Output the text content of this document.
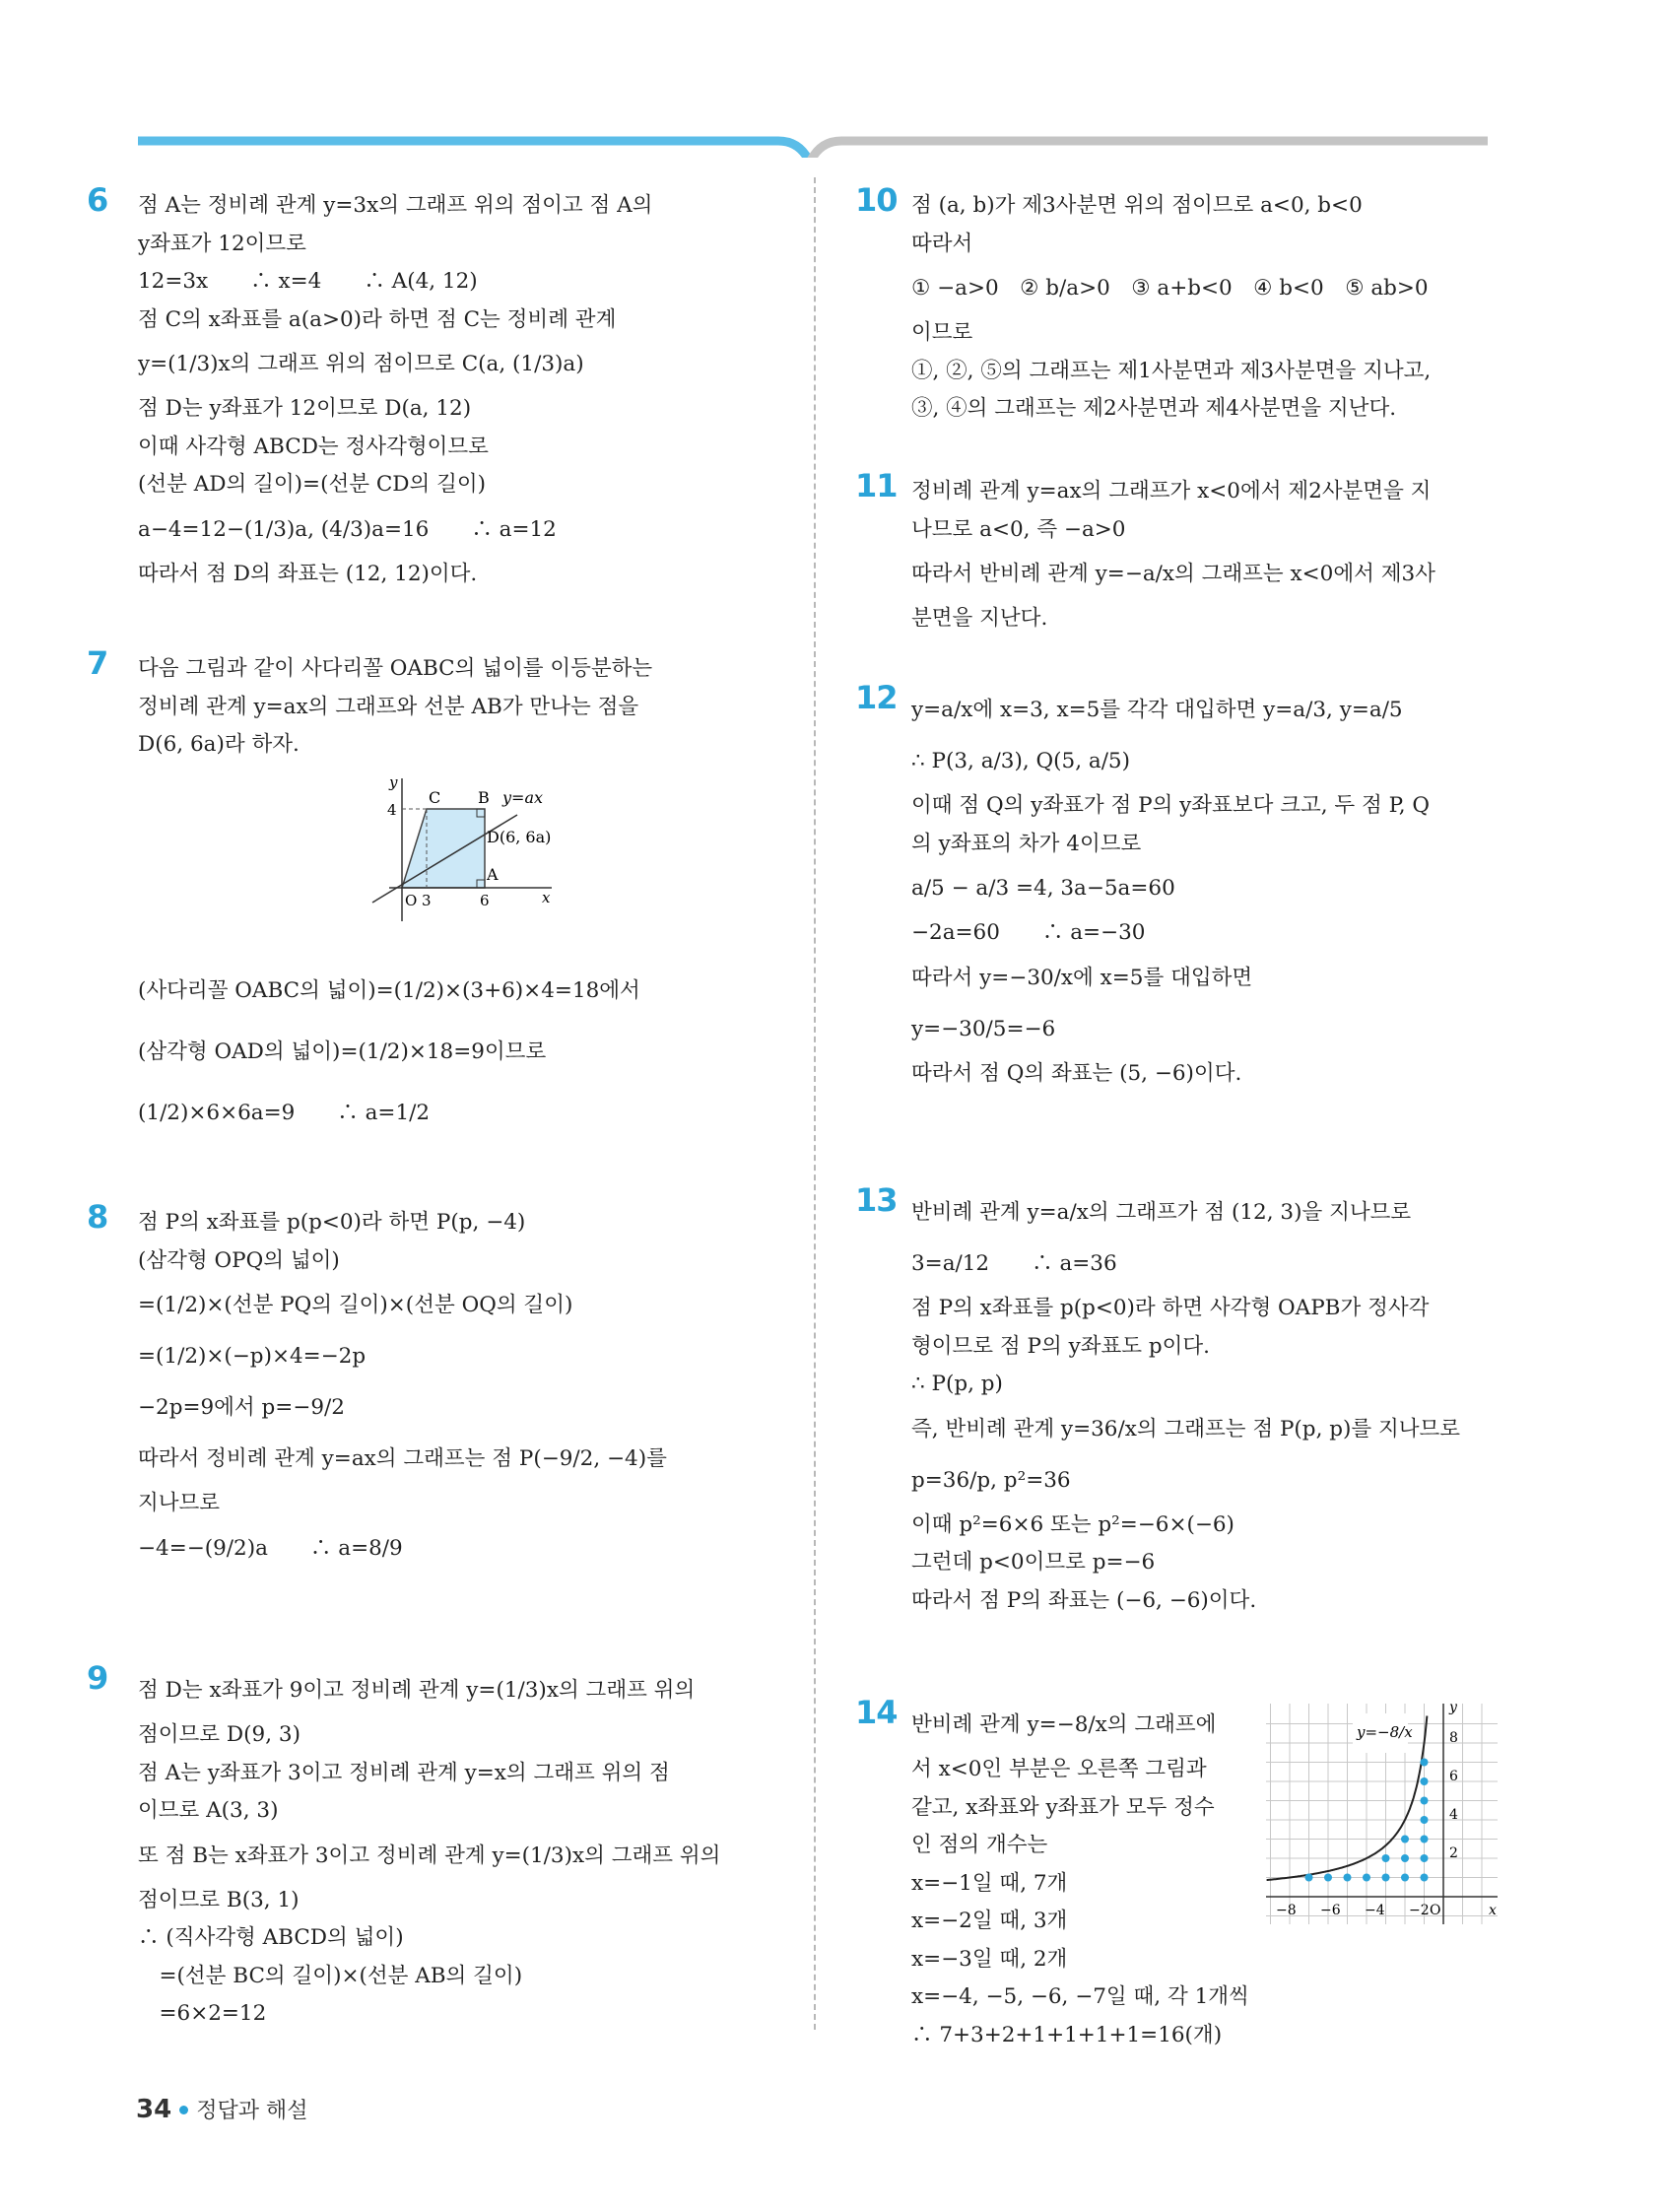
6 점 A는 정비례 관계 y=3x의 그래프 위의 점이고 점 A의
y좌표가 12이므로
12=3x　　∴ x=4　　∴ A(4, 12)
점 C의 x좌표를 a(a>0)라 하면 점 C는 정비례 관계
y=(1/3)x의 그래프 위의 점이므로 C(a, (1/3)a)
점 D는 y좌표가 12이므로 D(a, 12)
이때 사각형 ABCD는 정사각형이므로
(선분 AD의 길이)=(선분 CD의 길이)
a−4=12−(1/3)a, (4/3)a=16　　∴ a=12
따라서 점 D의 좌표는 (12, 12)이다.
7 다음 그림과 같이 사다리꼴 OABC의 넓이를 이등분하는
정비례 관계 y=ax의 그래프와 선분 AB가 만나는 점을
D(6, 6a)라 하자.
y
x
O
4
3	6
C B
A
D(6, 6a)
y=ax
(사다리꼴 OABC의 넓이)=(1/2)×(3+6)×4=18에서
(삼각형 OAD의 넓이)=(1/2)×18=9이므로
(1/2)×6×6a=9　　∴ a=1/2
8 점 P의 x좌표를 p(p<0)라 하면 P(p, −4)
(삼각형 OPQ의 넓이)
=(1/2)×(선분 PQ의 길이)×(선분 OQ의 길이)
=(1/2)×(−p)×4=−2p
−2p=9에서 p=−9/2
따라서 정비례 관계 y=ax의 그래프는 점 P(−9/2, −4)를
지나므로
−4=−(9/2)a　　∴ a=8/9
9 점 D는 x좌표가 9이고 정비례 관계 y=(1/3)x의 그래프 위의
점이므로 D(9, 3)
점 A는 y좌표가 3이고 정비례 관계 y=x의 그래프 위의 점
이므로 A(3, 3)
또 점 B는 x좌표가 3이고 정비례 관계 y=(1/3)x의 그래프 위의
점이므로 B(3, 1)
∴ (직사각형 ABCD의 넓이)
　=(선분 BC의 길이)×(선분 AB의 길이)
　=6×2=12
10 점 (a, b)가 제3사분면 위의 점이므로 a<0, b<0
따라서
① −a>0　② b/a>0　③ a+b<0　④ b<0　⑤ ab>0
이므로
①, ②, ⑤의 그래프는 제1사분면과 제3사분면을 지나고,
③, ④의 그래프는 제2사분면과 제4사분면을 지난다.
11 정비례 관계 y=ax의 그래프가 x<0에서 제2사분면을 지
나므로 a<0, 즉 −a>0
따라서 반비례 관계 y=−a/x의 그래프는 x<0에서 제3사
분면을 지난다.
12 y=a/x에 x=3, x=5를 각각 대입하면 y=a/3, y=a/5
∴ P(3, a/3), Q(5, a/5)
이때 점 Q의 y좌표가 점 P의 y좌표보다 크고, 두 점 P, Q
의 y좌표의 차가 4이므로
a/5 − a/3 =4, 3a−5a=60
−2a=60　　∴ a=−30
따라서 y=−30/x에 x=5를 대입하면
y=−30/5=−6
따라서 점 Q의 좌표는 (5, −6)이다.
13 반비례 관계 y=a/x의 그래프가 점 (12, 3)을 지나므로
3=a/12　　∴ a=36
점 P의 x좌표를 p(p<0)라 하면 사각형 OAPB가 정사각
형이므로 점 P의 y좌표도 p이다.
∴ P(p, p)
즉, 반비례 관계 y=36/x의 그래프는 점 P(p, p)를 지나므로
p=36/p, p²=36
이때 p²=6×6 또는 p²=−6×(−6)
그런데 p<0이므로 p=−6
따라서 점 P의 좌표는 (−6, −6)이다.
14 반비례 관계 y=−8/x의 그래프에
서 x<0인 부분은 오른쪽 그림과
같고, x좌표와 y좌표가 모두 정수
인 점의 개수는
x=−1일 때, 7개
x=−2일 때, 3개
x=−3일 때, 2개
x=−4, −5, −6, −7일 때, 각 1개씩
∴ 7+3+2+1+1+1+1=16(개)
y=−8/x
y
x
O
−8 −6 −4 −2
8
6
4
2
34 정답과 해설
